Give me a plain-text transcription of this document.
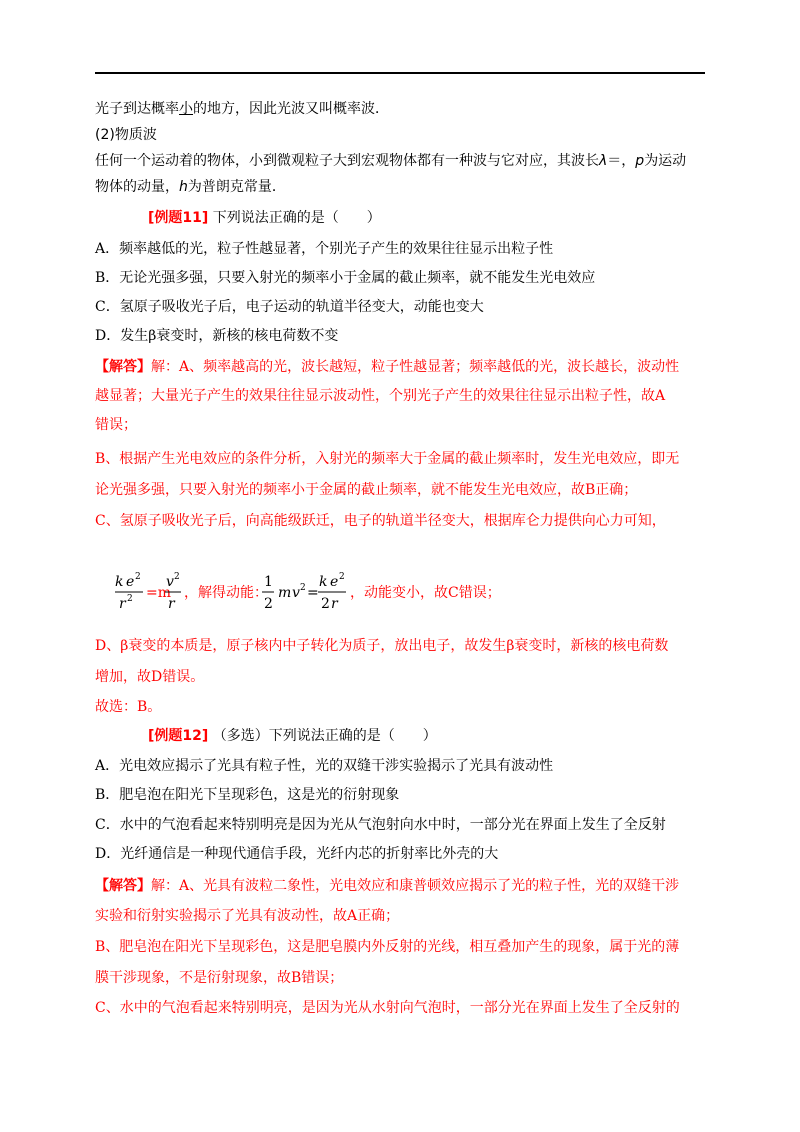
光子到达概率小的地方，因此光波又叫概率波．
(2)物质波
任何一个运动着的物体，小到微观粒子大到宏观物体都有一种波与它对应，其波长λ＝，p为运动
物体的动量，h为普朗克常量．
[例题11] 下列说法正确的是（　　）
A．频率越低的光，粒子性越显著，个别光子产生的效果往往显示出粒子性
B．无论光强多强，只要入射光的频率小于金属的截止频率，就不能发生光电效应
C．氢原子吸收光子后，电子运动的轨道半径变大，动能也变大
D．发生β衰变时，新核的核电荷数不变
【解答】解：A、频率越高的光，波长越短，粒子性越显著；频率越低的光，波长越长，波动性
越显著；大量光子产生的效果往往显示波动性，个别光子产生的效果往往显示出粒子性，故A
错误；
B、根据产生光电效应的条件分析，入射光的频率大于金属的截止频率时，发生光电效应，即无
论光强多强，只要入射光的频率小于金属的截止频率，就不能发生光电效应，故B正确；
C、氢原子吸收光子后，向高能级跃迁，电子的轨道半径变大，根据库仑力提供向心力可知，
k e 2
r 2 =m
v 2
r
，解得动能：
1
2
m v 2 =
k e 2
2 r
，动能变小，故C错误；
D、β衰变的本质是，原子核内中子转化为质子，放出电子，故发生β衰变时，新核的核电荷数
增加，故D错误。
故选：B。
[例题12] （多选）下列说法正确的是（　　）
A．光电效应揭示了光具有粒子性，光的双缝干涉实验揭示了光具有波动性
B．肥皂泡在阳光下呈现彩色，这是光的衍射现象
C．水中的气泡看起来特别明亮是因为光从气泡射向水中时，一部分光在界面上发生了全反射
D．光纤通信是一种现代通信手段，光纤内芯的折射率比外壳的大
【解答】解：A、光具有波粒二象性，光电效应和康普顿效应揭示了光的粒子性，光的双缝干涉
实验和衍射实验揭示了光具有波动性，故A正确；
B、肥皂泡在阳光下呈现彩色，这是肥皂膜内外反射的光线，相互叠加产生的现象，属于光的薄
膜干涉现象，不是衍射现象，故B错误；
C、水中的气泡看起来特别明亮，是因为光从水射向气泡时，一部分光在界面上发生了全反射的
